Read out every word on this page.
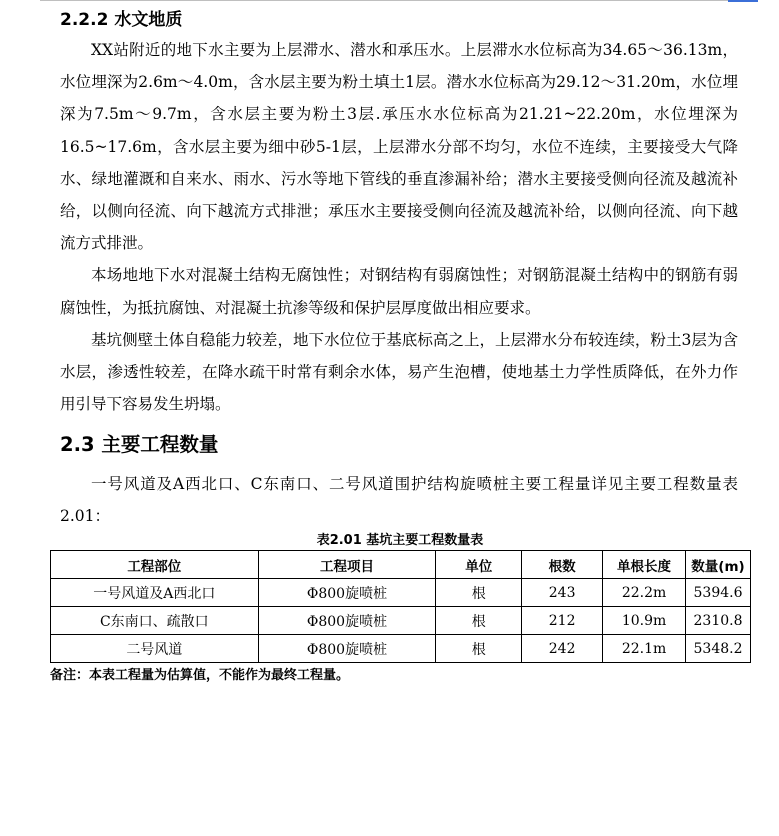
2.2.2 水文地质

XX站附近的地下水主要为上层滞水、潜水和承压水。上层滞水水位标高为34.65～36.13m，水位埋深为2.6m～4.0m，含水层主要为粉土填土1层。潜水水位标高为29.12～31.20m，水位埋深为7.5m～9.7m，含水层主要为粉土3层.承压水水位标高为21.21~22.20m，水位埋深为16.5~17.6m，含水层主要为细中砂5-1层，上层滞水分部不均匀，水位不连续，主要接受大气降水、绿地灌溉和自来水、雨水、污水等地下管线的垂直渗漏补给；潜水主要接受侧向径流及越流补给，以侧向径流、向下越流方式排泄；承压水主要接受侧向径流及越流补给，以侧向径流、向下越流方式排泄。

本场地地下水对混凝土结构无腐蚀性；对钢结构有弱腐蚀性；对钢筋混凝土结构中的钢筋有弱腐蚀性，为抵抗腐蚀、对混凝土抗渗等级和保护层厚度做出相应要求。

基坑侧壁土体自稳能力较差，地下水位位于基底标高之上，上层滞水分布较连续，粉土3层为含水层，渗透性较差，在降水疏干时常有剩余水体，易产生泡槽，使地基土力学性质降低，在外力作用引导下容易发生坍塌。

2.3 主要工程数量

一号风道及A西北口、C东南口、二号风道围护结构旋喷桩主要工程量详见主要工程数量表2.01：

表2.01 基坑主要工程数量表
工程部位	工程项目	单位	根数	单根长度	数量(m)
一号风道及A西北口	Φ800旋喷桩	根	243	22.2m	5394.6
C东南口、疏散口	Φ800旋喷桩	根	212	10.9m	2310.8
二号风道	Φ800旋喷桩	根	242	22.1m	5348.2
备注：本表工程量为估算值，不能作为最终工程量。
